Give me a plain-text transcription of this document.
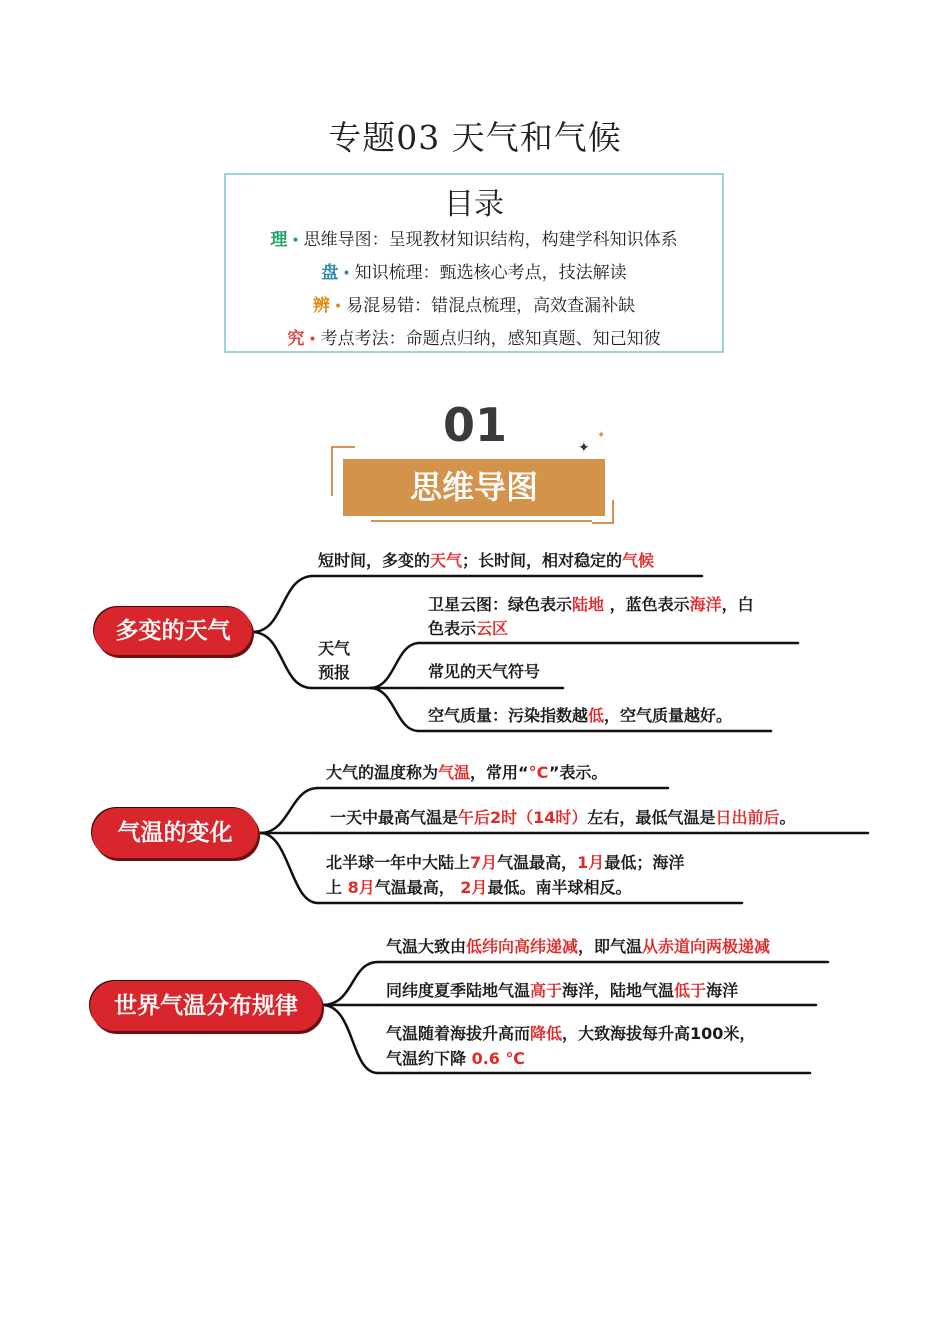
专题03 天气和气候
目录
理 • 思维导图：呈现教材知识结构，构建学科知识体系
盘 • 知识梳理：甄选核心考点，技法解读
辨 • 易混易错：错混点梳理，高效查漏补缺
究 • 考点考法：命题点归纳，感知真题、知己知彼
01	✦
✦
思维导图
多变的天气
短时间，多变的天气；长时间，相对稳定的气候
天气
预报
卫星云图：绿色表示陆地 ，蓝色表示海洋，白
色表示云区
常见的天气符号
空气质量：污染指数越低，空气质量越好。
气温的变化
大气的温度称为气温，常用“°C”表示。
一天中最高气温是午后2时（14时）左右，最低气温是日出前后。
北半球一年中大陆上7月气温最高，1月最低；海洋
上 8月气温最高， 2月最低。南半球相反。
世界气温分布规律
气温大致由低纬向高纬递减，即气温从赤道向两极递减
同纬度夏季陆地气温高于海洋，陆地气温低于海洋
气温随着海拔升高而降低，大致海拔每升高100米，
气温约下降 0.6 ℃
